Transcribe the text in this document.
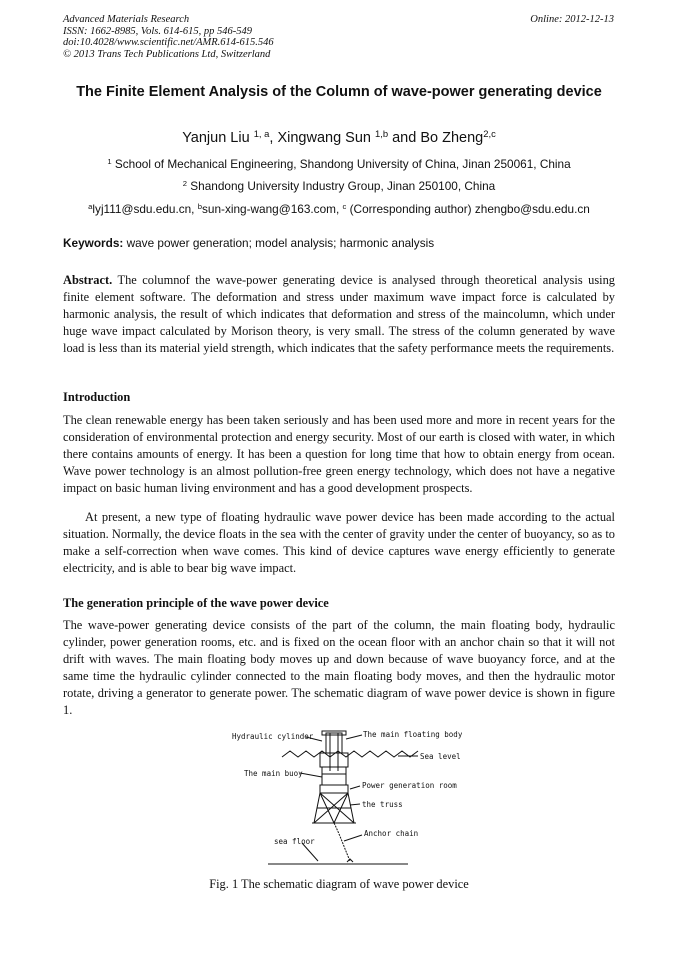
Advanced Materials Research
ISSN: 1662-8985, Vols. 614-615, pp 546-549
doi:10.4028/www.scientific.net/AMR.614-615.546
© 2013 Trans Tech Publications Ltd, Switzerland
Online: 2012-12-13
The Finite Element Analysis of the Column of wave-power generating device
Yanjun Liu $^{1, a}$, Xingwang Sun $^{1,b}$ and Bo Zheng$^{2,c}$
$^1$ School of Mechanical Engineering, Shandong University of China, Jinan 250061, China
$^2$ Shandong University Industry Group, Jinan 250100, China
$^a$lyj111@sdu.edu.cn, $^b$sun-xing-wang@163.com, $^c$ (Corresponding author) zhengbo@sdu.edu.cn
Keywords: wave power generation; model analysis; harmonic analysis
Abstract. The columnof the wave-power generating device is analysed through theoretical analysis using finite element software. The deformation and stress under maximum wave impact force is calculated by harmonic analysis, the result of which indicates that deformation and stress of the maincolumn, which under huge wave impact calculated by Morison theory, is very small. The stress of the column generated by wave load is less than its material yield strength, which indicates that the safety performance meets the requirements.
Introduction
The clean renewable energy has been taken seriously and has been used more and more in recent years for the consideration of environmental protection and energy security. Most of our earth is closed with water, in which there contains amounts of energy. It has been a question for long time that how to obtain energy from ocean. Wave power technology is an almost pollution-free green energy technology, which does not have a negative impact on basic human living environment and has a good development prospects.
At present, a new type of floating hydraulic wave power device has been made according to the actual situation. Normally, the device floats in the sea with the center of gravity under the center of buoyancy, so as to make a self-correction when wave comes. This kind of device captures wave energy efficiently to generate electricity, and is able to bear big wave impact.
The generation principle of the wave power device
The wave-power generating device consists of the part of the column, the main floating body, hydraulic cylinder, power generation rooms, etc. and is fixed on the ocean floor with an anchor chain so that it will not drift with waves. The main floating body moves up and down because of wave buoyancy force, and at the same time the hydraulic cylinder connected to the main floating body moves, and then the hydraulic motor rotate, driving a generator to generate power. The schematic diagram of wave power device is shown in figure 1.
Hydraulic cylinder	The main floating body
Sea level
The main buoy
Power generation room
the truss
Anchor chain
sea floor
Fig. 1 The schematic diagram of wave power device
